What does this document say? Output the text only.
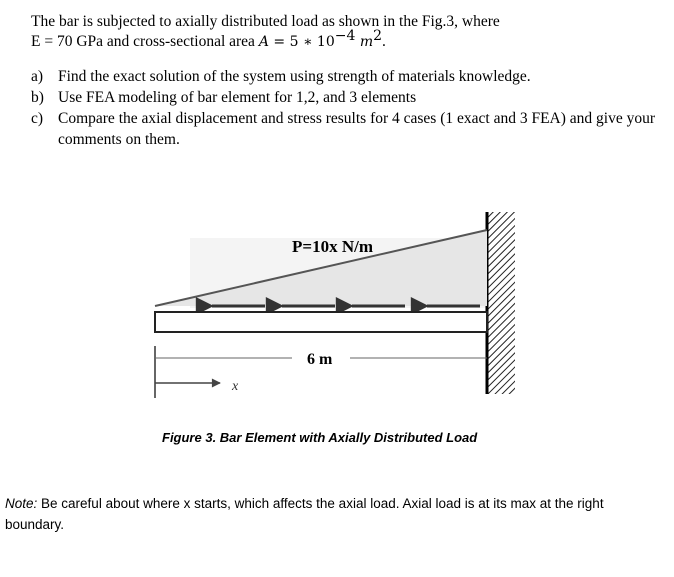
The bar is subjected to axially distributed load as shown in the Fig.3, where
E = 70 GPa and cross-sectional area A = 5 ∗ $10^{-4}$ $m^2$.
a) Find the exact solution of the system using strength of materials knowledge.
b) Use FEA modeling of bar element for 1,2, and 3 elements
c) Compare the axial displacement and stress results for 4 cases (1 exact and 3 FEA) and give your comments on them.
P=10x N/m
6 m
x
Figure 3. Bar Element with Axially Distributed Load
Note: Be careful about where x starts, which affects the axial load. Axial load is at its max at the right boundary.
